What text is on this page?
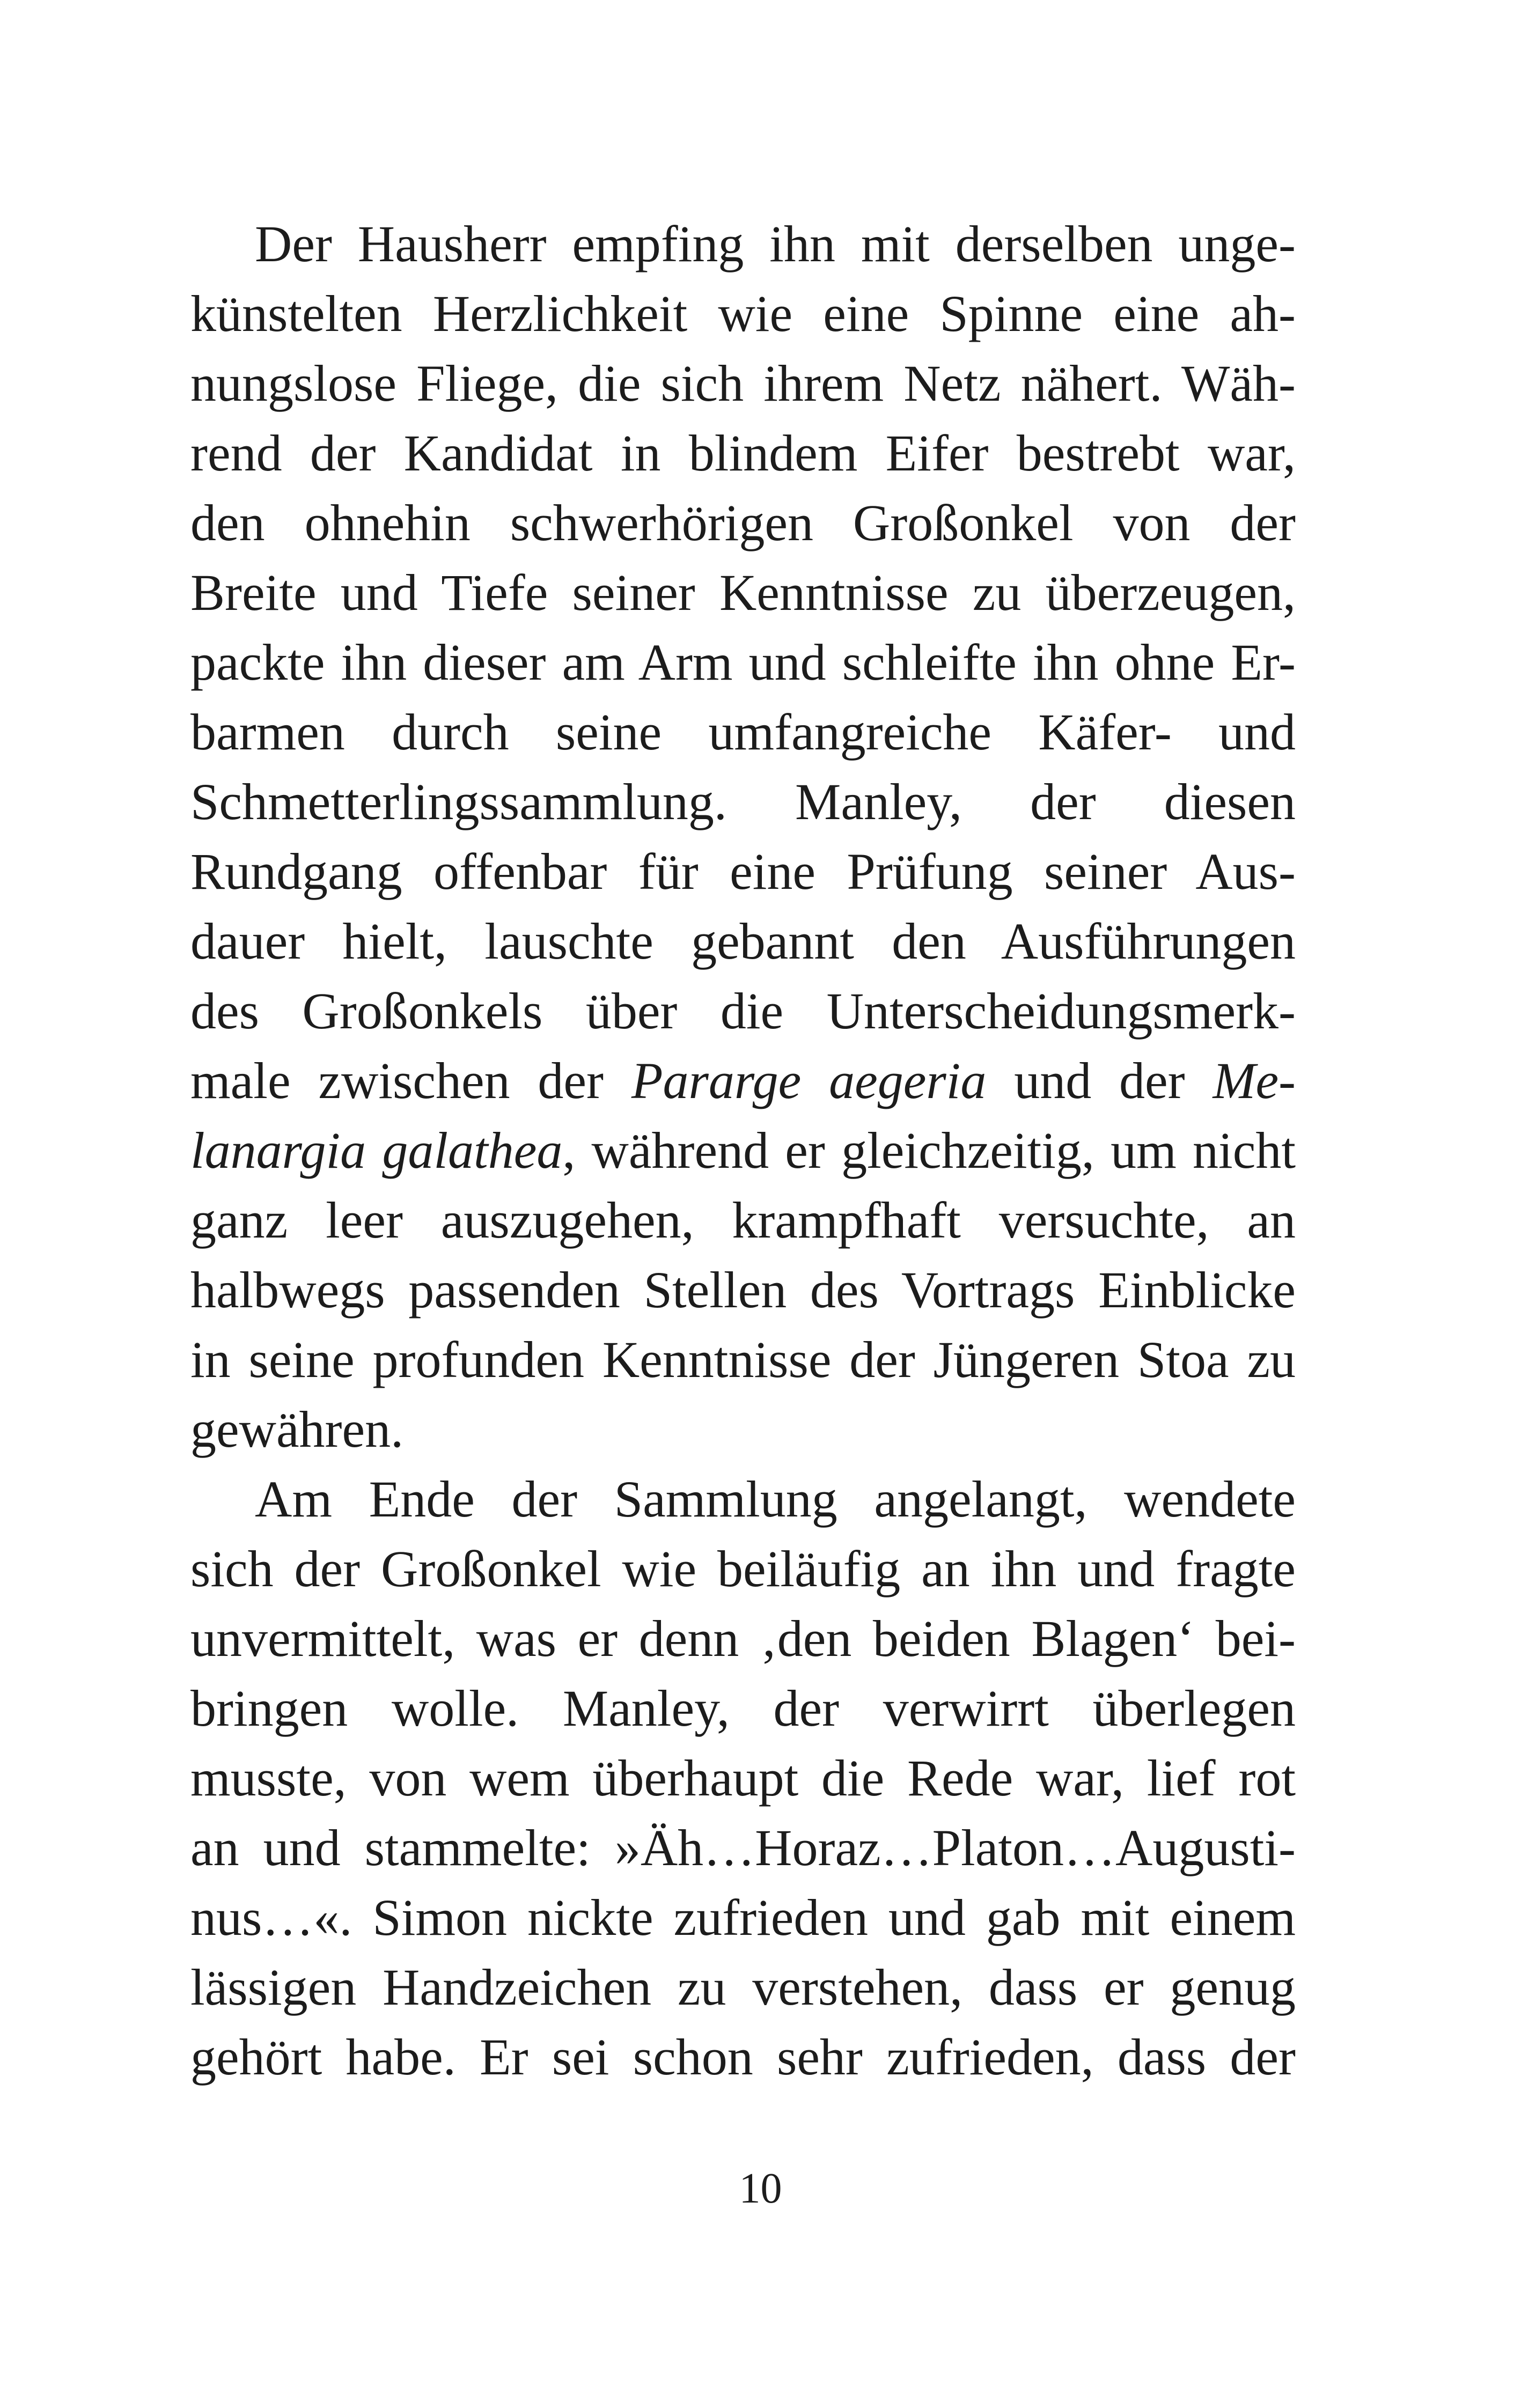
Der Hausherr empfing ihn mit derselben unge-
künstelten Herzlichkeit wie eine Spinne eine ah-
nungslose Fliege, die sich ihrem Netz nähert. Wäh-
rend der Kandidat in blindem Eifer bestrebt war,
den ohnehin schwerhörigen Großonkel von der
Breite und Tiefe seiner Kenntnisse zu überzeugen,
packte ihn dieser am Arm und schleifte ihn ohne Er-
barmen durch seine umfangreiche Käfer- und
Schmetterlingssammlung. Manley, der diesen
Rundgang offenbar für eine Prüfung seiner Aus-
dauer hielt, lauschte gebannt den Ausführungen
des Großonkels über die Unterscheidungsmerk-
male zwischen der Pararge aegeria und der Me-
lanargia galathea, während er gleichzeitig, um nicht
ganz leer auszugehen, krampfhaft versuchte, an
halbwegs passenden Stellen des Vortrags Einblicke
in seine profunden Kenntnisse der Jüngeren Stoa zu
gewähren.
Am Ende der Sammlung angelangt, wendete
sich der Großonkel wie beiläufig an ihn und fragte
unvermittelt, was er denn ‚den beiden Blagen‘ bei-
bringen wolle. Manley, der verwirrt überlegen
musste, von wem überhaupt die Rede war, lief rot
an und stammelte: »Äh…Horaz…Platon…Augusti-
nus…«. Simon nickte zufrieden und gab mit einem
lässigen Handzeichen zu verstehen, dass er genug
gehört habe. Er sei schon sehr zufrieden, dass der
10
